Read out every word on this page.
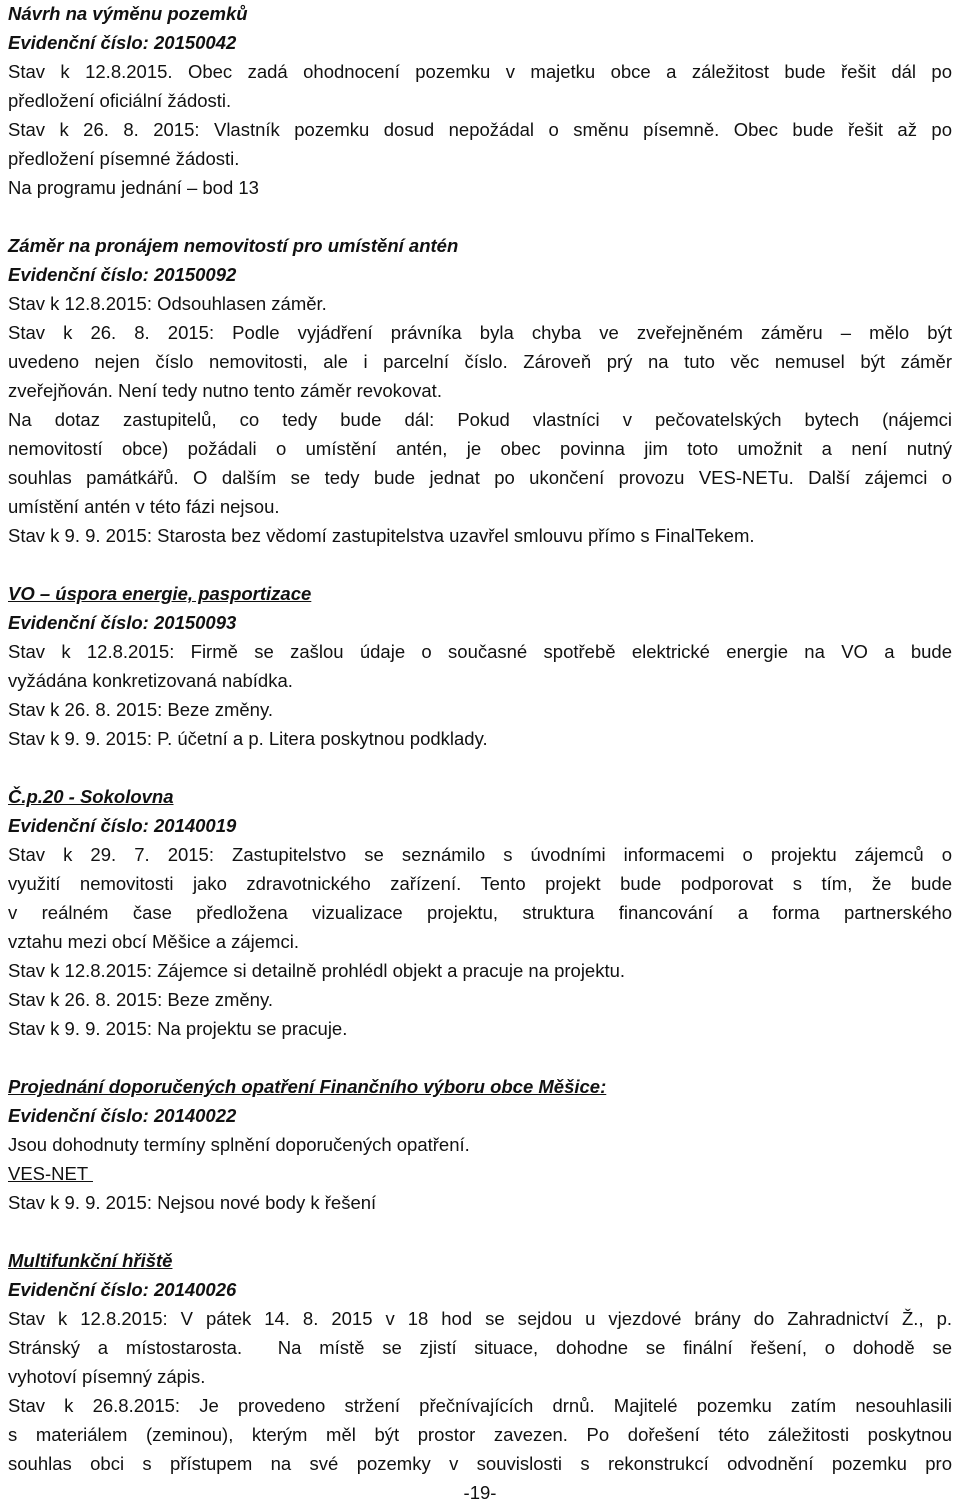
Návrh na výměnu pozemků
Evidenční číslo: 20150042
Stav k 12.8.2015. Obec zadá ohodnocení pozemku v majetku obce a záležitost bude řešit dál po
předložení oficiální žádosti.
Stav k 26. 8. 2015: Vlastník pozemku dosud nepožádal o směnu písemně. Obec bude řešit až po
předložení písemné žádosti.
Na programu jednání – bod 13
Záměr na pronájem nemovitostí pro umístění antén
Evidenční číslo: 20150092
Stav k 12.8.2015: Odsouhlasen záměr.
Stav k 26. 8. 2015: Podle vyjádření právníka byla chyba ve zveřejněném záměru – mělo být
uvedeno nejen číslo nemovitosti, ale i parcelní číslo. Zároveň prý na tuto věc nemusel být záměr
zveřejňován. Není tedy nutno tento záměr revokovat.
Na dotaz zastupitelů, co tedy bude dál: Pokud vlastníci v pečovatelských bytech (nájemci
nemovitostí obce) požádali o umístění antén, je obec povinna jim toto umožnit a není nutný
souhlas památkářů. O dalším se tedy bude jednat po ukončení provozu VES-NETu. Další zájemci o
umístění antén v této fázi nejsou.
Stav k 9. 9. 2015: Starosta bez vědomí zastupitelstva uzavřel smlouvu přímo s FinalTekem.
VO – úspora energie, pasportizace
Evidenční číslo: 20150093
Stav k 12.8.2015: Firmě se zašlou údaje o současné spotřebě elektrické energie na VO a bude
vyžádána konkretizovaná nabídka.
Stav k 26. 8. 2015: Beze změny.
Stav k 9. 9. 2015: P. účetní a p. Litera poskytnou podklady.
Č.p.20 - Sokolovna
Evidenční číslo: 20140019
Stav k 29. 7. 2015: Zastupitelstvo se seznámilo s úvodními informacemi o projektu zájemců o
využití nemovitosti jako zdravotnického zařízení. Tento projekt bude podporovat s tím, že bude
v reálném čase předložena vizualizace projektu, struktura financování a forma partnerského
vztahu mezi obcí Měšice a zájemci.
Stav k 12.8.2015: Zájemce si detailně prohlédl objekt a pracuje na projektu.
Stav k 26. 8. 2015: Beze změny.
Stav k 9. 9. 2015: Na projektu se pracuje.
Projednání doporučených opatření Finančního výboru obce Měšice:
Evidenční číslo: 20140022
Jsou dohodnuty termíny splnění doporučených opatření.
VES-NET
Stav k 9. 9. 2015: Nejsou nové body k řešení
Multifunkční hřiště
Evidenční číslo: 20140026
Stav k 12.8.2015: V pátek 14. 8. 2015 v 18 hod se sejdou u vjezdové brány do Zahradnictví Ž., p.
Stránský a místostarosta.  Na místě se zjistí situace, dohodne se finální řešení, o dohodě se
vyhotoví písemný zápis.
Stav k 26.8.2015: Je provedeno stržení přečnívajících drnů. Majitelé pozemku zatím nesouhlasili
s materiálem (zeminou), kterým měl být prostor zavezen. Po dořešení této záležitosti poskytnou
souhlas obci s přístupem na své pozemky v souvislosti s rekonstrukcí odvodnění pozemku pro
-19-
